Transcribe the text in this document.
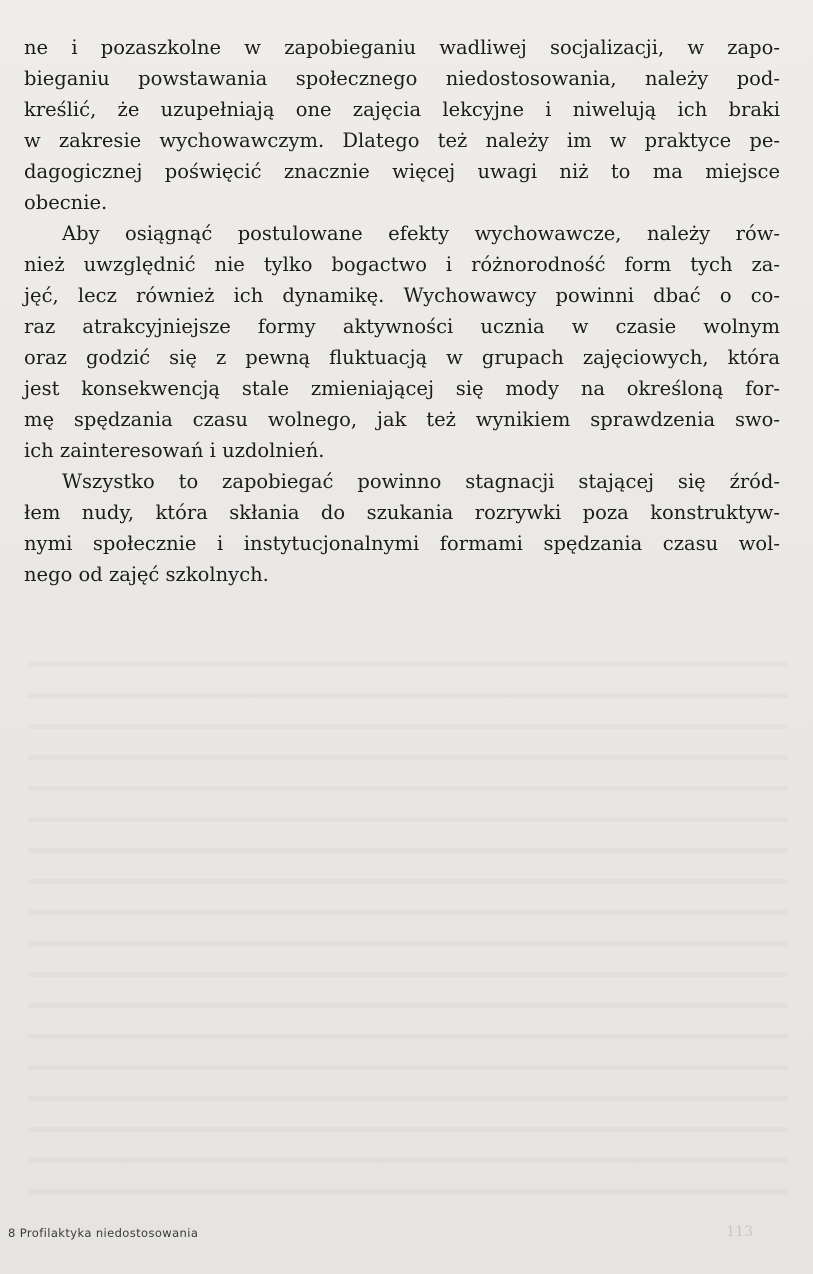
ne i pozaszkolne w zapobieganiu wadliwej socjalizacji, w zapo-
bieganiu powstawania społecznego niedostosowania, należy pod-
kreślić, że uzupełniają one zajęcia lekcyjne i niwelują ich braki
w zakresie wychowawczym. Dlatego też należy im w praktyce pe-
dagogicznej poświęcić znacznie więcej uwagi niż to ma miejsce
obecnie.
Aby osiągnąć postulowane efekty wychowawcze, należy rów-
nież uwzględnić nie tylko bogactwo i różnorodność form tych za-
jęć, lecz również ich dynamikę. Wychowawcy powinni dbać o co-
raz atrakcyjniejsze formy aktywności ucznia w czasie wolnym
oraz godzić się z pewną fluktuacją w grupach zajęciowych, która
jest konsekwencją stale zmieniającej się mody na określoną for-
mę spędzania czasu wolnego, jak też wynikiem sprawdzenia swo-
ich zainteresowań i uzdolnień.
Wszystko to zapobiegać powinno stagnacji stającej się źród-
łem nudy, która skłania do szukania rozrywki poza konstruktyw-
nymi społecznie i instytucjonalnymi formami spędzania czasu wol-
nego od zajęć szkolnych.
8 Profilaktyka niedostosowania	113
